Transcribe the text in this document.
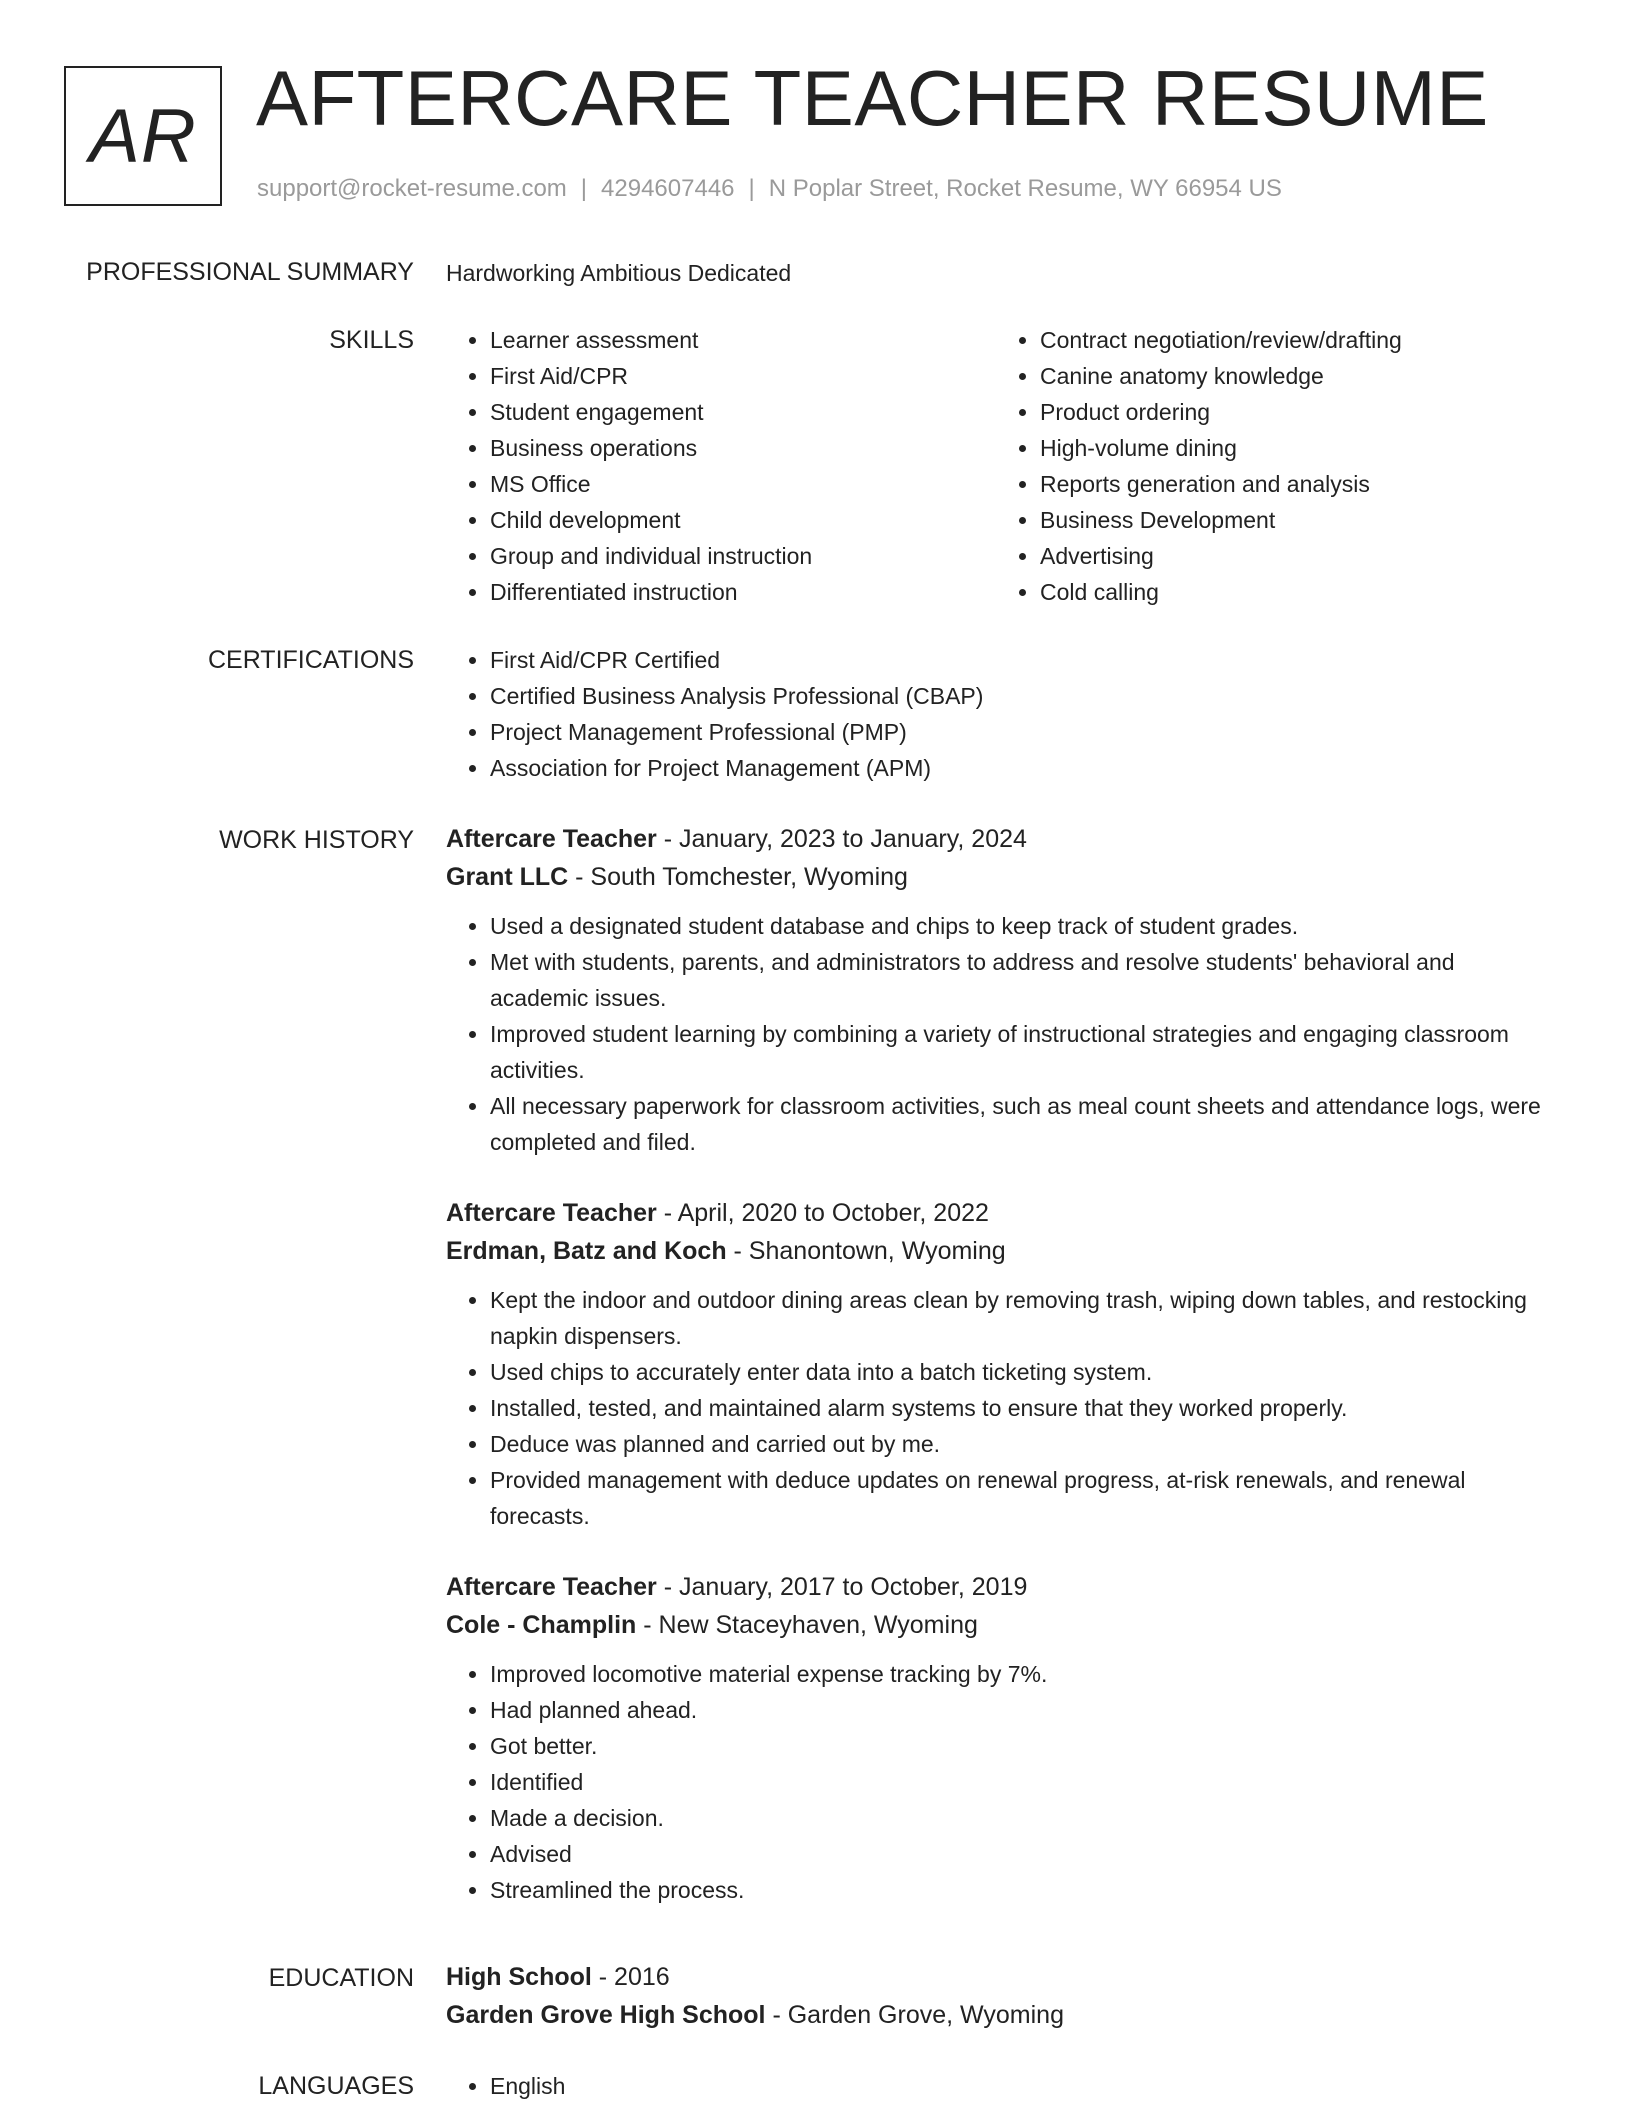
AR AFTERCARE TEACHER RESUME
support@rocket-resume.com | 4294607446 | N Poplar Street, Rocket Resume, WY 66954 US
PROFESSIONAL SUMMARY Hardworking Ambitious Dedicated
SKILLS	• Learner assessment
• First Aid/CPR
• Student engagement
• Business operations
• MS Office
• Child development
• Group and individual instruction
• Differentiated instruction
• Contract negotiation/review/drafting
• Canine anatomy knowledge
• Product ordering
• High-volume dining
• Reports generation and analysis
• Business Development
• Advertising
• Cold calling
CERTIFICATIONS	• First Aid/CPR Certified
• Certified Business Analysis Professional (CBAP)
• Project Management Professional (PMP)
• Association for Project Management (APM)
WORK HISTORY Aftercare Teacher - January, 2023 to January, 2024
Grant LLC - South Tomchester, Wyoming
• Used a designated student database and chips to keep track of student grades.
• Met with students, parents, and administrators to address and resolve students' behavioral and academic issues.
• Improved student learning by combining a variety of instructional strategies and engaging classroom activities.
• All necessary paperwork for classroom activities, such as meal count sheets and attendance logs, were completed and filed.
Aftercare Teacher - April, 2020 to October, 2022
Erdman, Batz and Koch - Shanontown, Wyoming
• Kept the indoor and outdoor dining areas clean by removing trash, wiping down tables, and restocking napkin dispensers.
• Used chips to accurately enter data into a batch ticketing system.
• Installed, tested, and maintained alarm systems to ensure that they worked properly.
• Deduce was planned and carried out by me.
• Provided management with deduce updates on renewal progress, at-risk renewals, and renewal forecasts.
Aftercare Teacher - January, 2017 to October, 2019
Cole - Champlin - New Staceyhaven, Wyoming
• Improved locomotive material expense tracking by 7%.
• Had planned ahead.
• Got better.
• Identified
• Made a decision.
• Advised
• Streamlined the process.
EDUCATION High School - 2016
Garden Grove High School - Garden Grove, Wyoming
LANGUAGES	• English
